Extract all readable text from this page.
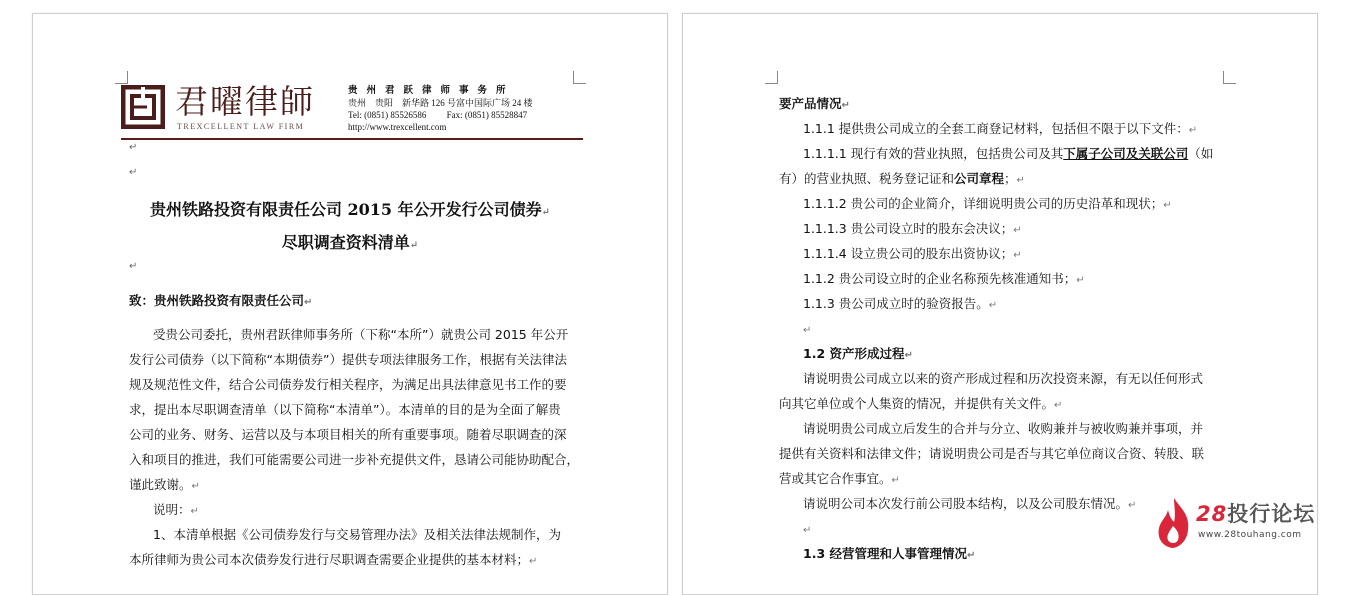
君曜律師
TREXCELLENT LAW FIRM
贵州君跃律师事务所
贵州　贵阳　新华路 126 号富中国际广场 24 楼
Tel: (0851) 85526586 Fax: (0851) 85528847
http://www.trexcellent.com
↵
↵
贵州铁路投资有限责任公司 2015 年公开发行公司债券↵
尽职调查资料清单↵
↵
致：贵州铁路投资有限责任公司↵
受贵公司委托，贵州君跃律师事务所（下称“本所”）就贵公司 2015 年公开
发行公司债券（以下简称“本期债券”）提供专项法律服务工作，根据有关法律法
规及规范性文件，结合公司债券发行相关程序，为满足出具法律意见书工作的要
求，提出本尽职调查清单（以下简称“本清单”）。本清单的目的是为全面了解贵
公司的业务、财务、运营以及与本项目相关的所有重要事项。随着尽职调查的深
入和项目的推进，我们可能需要公司进一步补充提供文件，恳请公司能协助配合，
谨此致谢。↵
说明：↵
1、本清单根据《公司债券发行与交易管理办法》及相关法律法规制作，为
本所律师为贵公司本次债券发行进行尽职调查需要企业提供的基本材料；↵
要产品情况↵
1.1.1 提供贵公司成立的全套工商登记材料，包括但不限于以下文件：↵
1.1.1.1 现行有效的营业执照，包括贵公司及其下属子公司及关联公司（如
有）的营业执照、税务登记证和公司章程；↵
1.1.1.2 贵公司的企业简介，详细说明贵公司的历史沿革和现状；↵
1.1.1.3 贵公司设立时的股东会决议；↵
1.1.1.4 设立贵公司的股东出资协议；↵
1.1.2 贵公司设立时的企业名称预先核准通知书；↵
1.1.3 贵公司成立时的验资报告。↵
↵
1.2 资产形成过程↵
请说明贵公司成立以来的资产形成过程和历次投资来源，有无以任何形式
向其它单位或个人集资的情况，并提供有关文件。↵
请说明贵公司成立后发生的合并与分立、收购兼并与被收购兼并事项，并
提供有关资料和法律文件；请说明贵公司是否与其它单位商议合资、转股、联
营或其它合作事宜。↵
请说明公司本次发行前公司股本结构，以及公司股东情况。↵
↵
1.3 经营管理和人事管理情况↵
28投行论坛
www.28touhang.com
